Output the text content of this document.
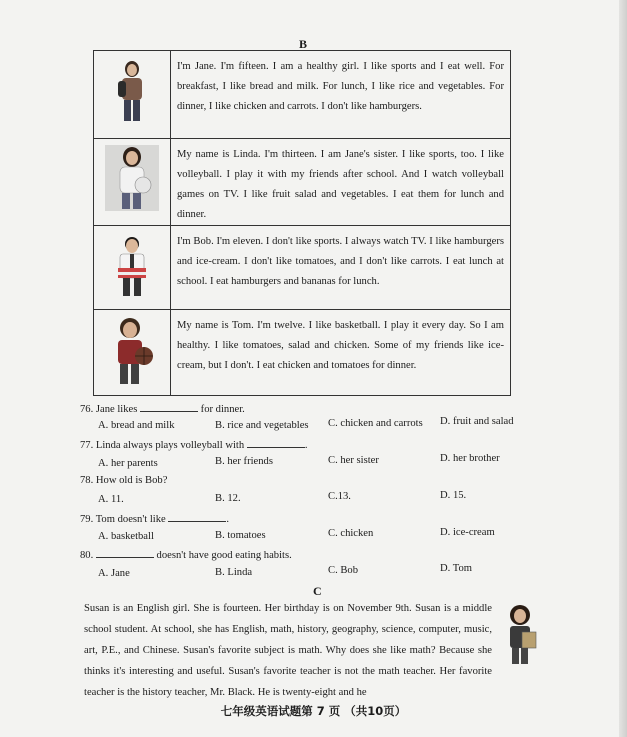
B
	I'm Jane. I'm fifteen. I am a healthy girl. I like sports and I eat well. For breakfast, I like bread and milk. For lunch, I like rice and vegetables. For dinner, I like chicken and carrots. I don't like hamburgers.

	My name is Linda. I'm thirteen. I am Jane's sister. I like sports, too. I like volleyball. I play it with my friends after school. And I watch volleyball games on TV. I like fruit salad and vegetables. I eat them for lunch and dinner.

	I'm Bob. I'm eleven. I don't like sports. I always watch TV. I like hamburgers and ice-cream. I don't like tomatoes, and I don't like carrots. I eat lunch at school. I eat hamburgers and bananas for lunch.

	My name is Tom. I'm twelve. I like basketball. I play it every day. So I am healthy. I like tomatoes, salad and chicken. Some of my friends like ice-cream, but I don't. I eat chicken and tomatoes for dinner.
76. Jane likes	for dinner.
A. bread and milk	B. rice and vegetables C. chicken and carrots D. fruit and salad
77. Linda always plays volleyball with	.
A. her parents	B. her friends	C. her sister	D. her brother
78. How old is Bob?
A. 11.	B. 12.	C.13.	D. 15.
79. Tom doesn't like	.
A. basketball	B. tomatoes	C. chicken	D. ice-cream
80.	doesn't have good eating habits.
A. Jane	B. Linda	C. Bob	D. Tom
C
Susan is an English girl. She is fourteen. Her birthday is on November 9th. Susan is a middle school student. At school, she has English, math, history, geography, science, computer, music, art, P.E., and Chinese. Susan's favorite subject is math. Why does she like math? Because she thinks it's interesting and useful. Susan's favorite teacher is not the math teacher. Her favorite teacher is the history teacher, Mr. Black. He is twenty-eight and he
七年级英语试题第 7 页 （共10页）
